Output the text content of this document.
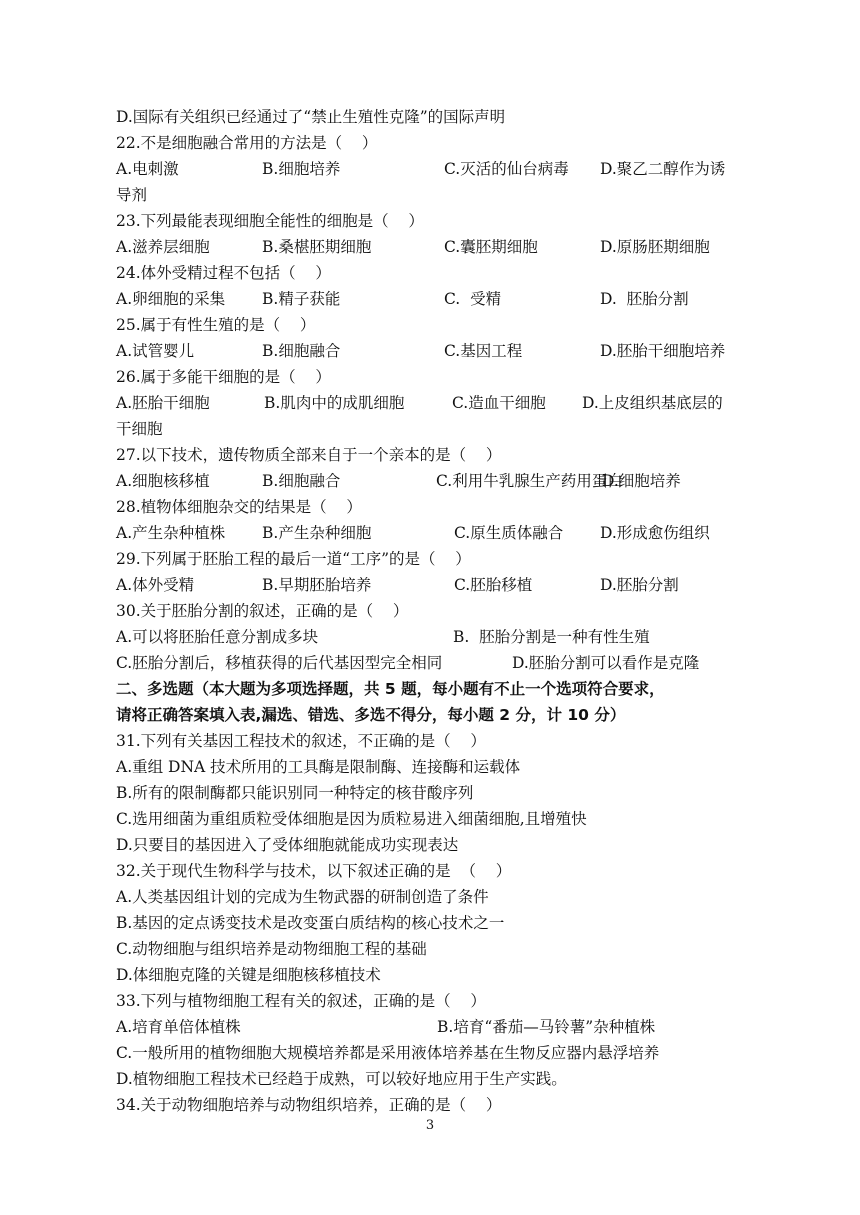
D.国际有关组织已经通过了“禁止生殖性克隆”的国际声明
22.不是细胞融合常用的方法是（    ）
A.电刺激	B.细胞培养	C.灭活的仙台病毒 D.聚乙二醇作为诱
导剂
23.下列最能表现细胞全能性的细胞是（    ）
A.滋养层细胞	B.桑椹胚期细胞	C.囊胚期细胞	D.原肠胚期细胞
24.体外受精过程不包括（    ）
A.卵细胞的采集 B.精子获能	C.  受精	D.  胚胎分割
25.属于有性生殖的是（    ）
A.试管婴儿	B.细胞融合	C.基因工程	D.胚胎干细胞培养
26.属于多能干细胞的是（    ）
A.胚胎干细胞	B.肌肉中的成肌细胞	C.造血干细胞 D.上皮组织基底层的
干细胞
27.以下技术，遗传物质全部来自于一个亲本的是（    ）
A.细胞核移植	B.细胞融合	C.利用牛乳腺生产药用蛋白
D.细胞培养
28.植物体细胞杂交的结果是（    ）
A.产生杂种植株 B.产生杂种细胞	C.原生质体融合 D.形成愈伤组织
29.下列属于胚胎工程的最后一道“工序”的是（    ）
A.体外受精	B.早期胚胎培养	C.胚胎移植	D.胚胎分割
30.关于胚胎分割的叙述，正确的是（    ）
A.可以将胚胎任意分割成多块	B.  胚胎分割是一种有性生殖
C.胚胎分割后，移植获得的后代基因型完全相同	D.胚胎分割可以看作是克隆
二、多选题（本大题为多项选择题，共 5 题，每小题有不止一个选项符合要求，
请将正确答案填入表,漏选、错选、多选不得分，每小题 2 分，计 10 分）
31.下列有关基因工程技术的叙述，不正确的是（    ）
A.重组 DNA 技术所用的工具酶是限制酶、连接酶和运载体
B.所有的限制酶都只能识别同一种特定的核苷酸序列
C.选用细菌为重组质粒受体细胞是因为质粒易进入细菌细胞,且增殖快
D.只要目的基因进入了受体细胞就能成功实现表达
32.关于现代生物科学与技术，以下叙述正确的是  （    ）
A.人类基因组计划的完成为生物武器的研制创造了条件
B.基因的定点诱变技术是改变蛋白质结构的核心技术之一
C.动物细胞与组织培养是动物细胞工程的基础
D.体细胞克隆的关键是细胞核移植技术
33.下列与植物细胞工程有关的叙述，正确的是（    ）
A.培育单倍体植株	B.培育“番茄—马铃薯”杂种植株
C.一般所用的植物细胞大规模培养都是采用液体培养基在生物反应器内悬浮培养
D.植物细胞工程技术已经趋于成熟，可以较好地应用于生产实践。
34.关于动物细胞培养与动物组织培养，正确的是（    ）
3
